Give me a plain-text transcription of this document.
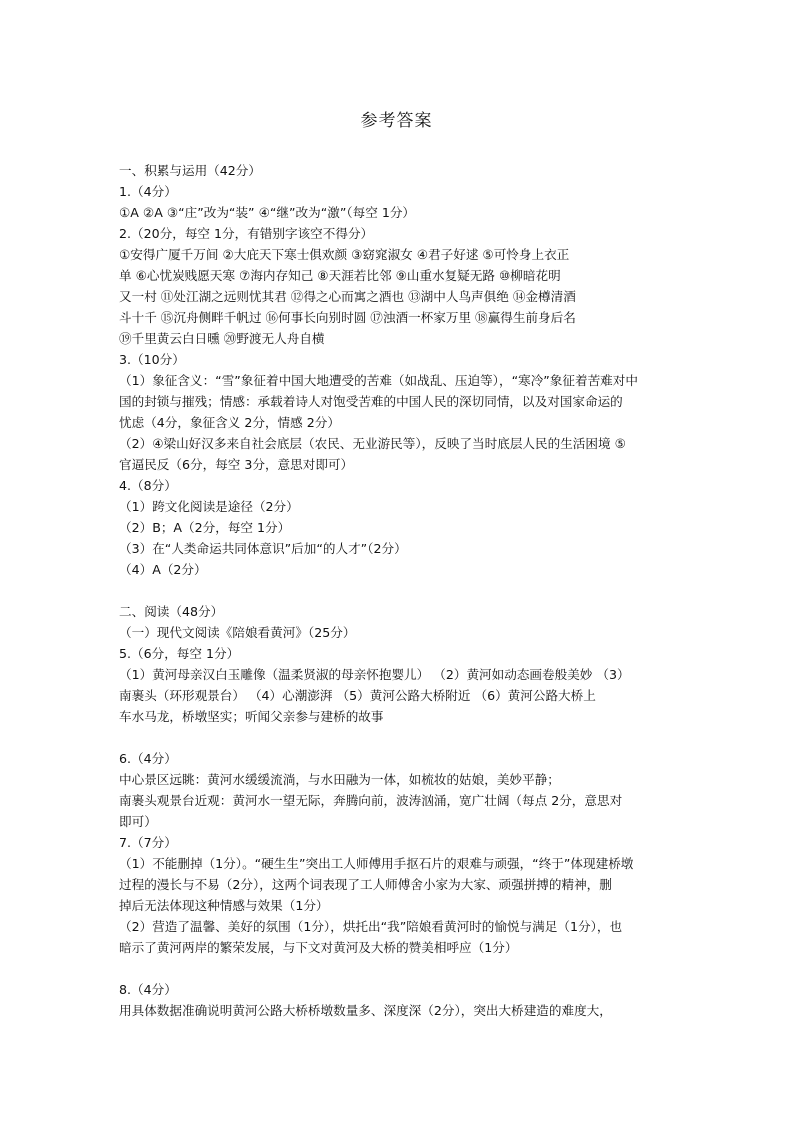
参考答案
一、积累与运用（42分）
1.（4分）
①A ②A ③“庄”改为“装” ④“继”改为“激”（每空 1分）
2.（20分，每空 1分，有错别字该空不得分）
①安得广厦千万间 ②大庇天下寒士俱欢颜 ③窈窕淑女 ④君子好逑 ⑤可怜身上衣正
单 ⑥心忧炭贱愿天寒 ⑦海内存知己 ⑧天涯若比邻 ⑨山重水复疑无路 ⑩柳暗花明
又一村 ⑪处江湖之远则忧其君 ⑫得之心而寓之酒也 ⑬湖中人鸟声俱绝 ⑭金樽清酒
斗十千 ⑮沉舟侧畔千帆过 ⑯何事长向别时圆 ⑰浊酒一杯家万里 ⑱赢得生前身后名
⑲千里黄云白日曛 ⑳野渡无人舟自横
3.（10分）
（1）象征含义：“雪”象征着中国大地遭受的苦难（如战乱、压迫等），“寒冷”象征着苦难对中
国的封锁与摧残；情感：承载着诗人对饱受苦难的中国人民的深切同情，以及对国家命运的
忧虑（4分，象征含义 2分，情感 2分）
（2）④梁山好汉多来自社会底层（农民、无业游民等），反映了当时底层人民的生活困境 ⑤
官逼民反（6分，每空 3分，意思对即可）
4.（8分）
（1）跨文化阅读是途径（2分）
（2）B；A（2分，每空 1分）
（3）在“人类命运共同体意识”后加“的人才”（2分）
（4）A（2分）
二、阅读（48分）
（一）现代文阅读《陪娘看黄河》（25分）
5.（6分，每空 1分）
（1）黄河母亲汉白玉雕像（温柔贤淑的母亲怀抱婴儿） （2）黄河如动态画卷般美妙 （3）
南裹头（环形观景台） （4）心潮澎湃 （5）黄河公路大桥附近 （6）黄河公路大桥上
车水马龙，桥墩坚实；听闻父亲参与建桥的故事
6.（4分）
中心景区远眺：黄河水缓缓流淌，与水田融为一体，如梳妆的姑娘，美妙平静；
南裹头观景台近观：黄河水一望无际，奔腾向前，波涛汹涌，宽广壮阔（每点 2分，意思对
即可）
7.（7分）
（1）不能删掉（1分）。“硬生生”突出工人师傅用手抠石片的艰难与顽强，“终于”体现建桥墩
过程的漫长与不易（2分），这两个词表现了工人师傅舍小家为大家、顽强拼搏的精神，删
掉后无法体现这种情感与效果（1分）
（2）营造了温馨、美好的氛围（1分），烘托出“我”陪娘看黄河时的愉悦与满足（1分），也
暗示了黄河两岸的繁荣发展，与下文对黄河及大桥的赞美相呼应（1分）
8.（4分）
用具体数据准确说明黄河公路大桥桥墩数量多、深度深（2分），突出大桥建造的难度大，
